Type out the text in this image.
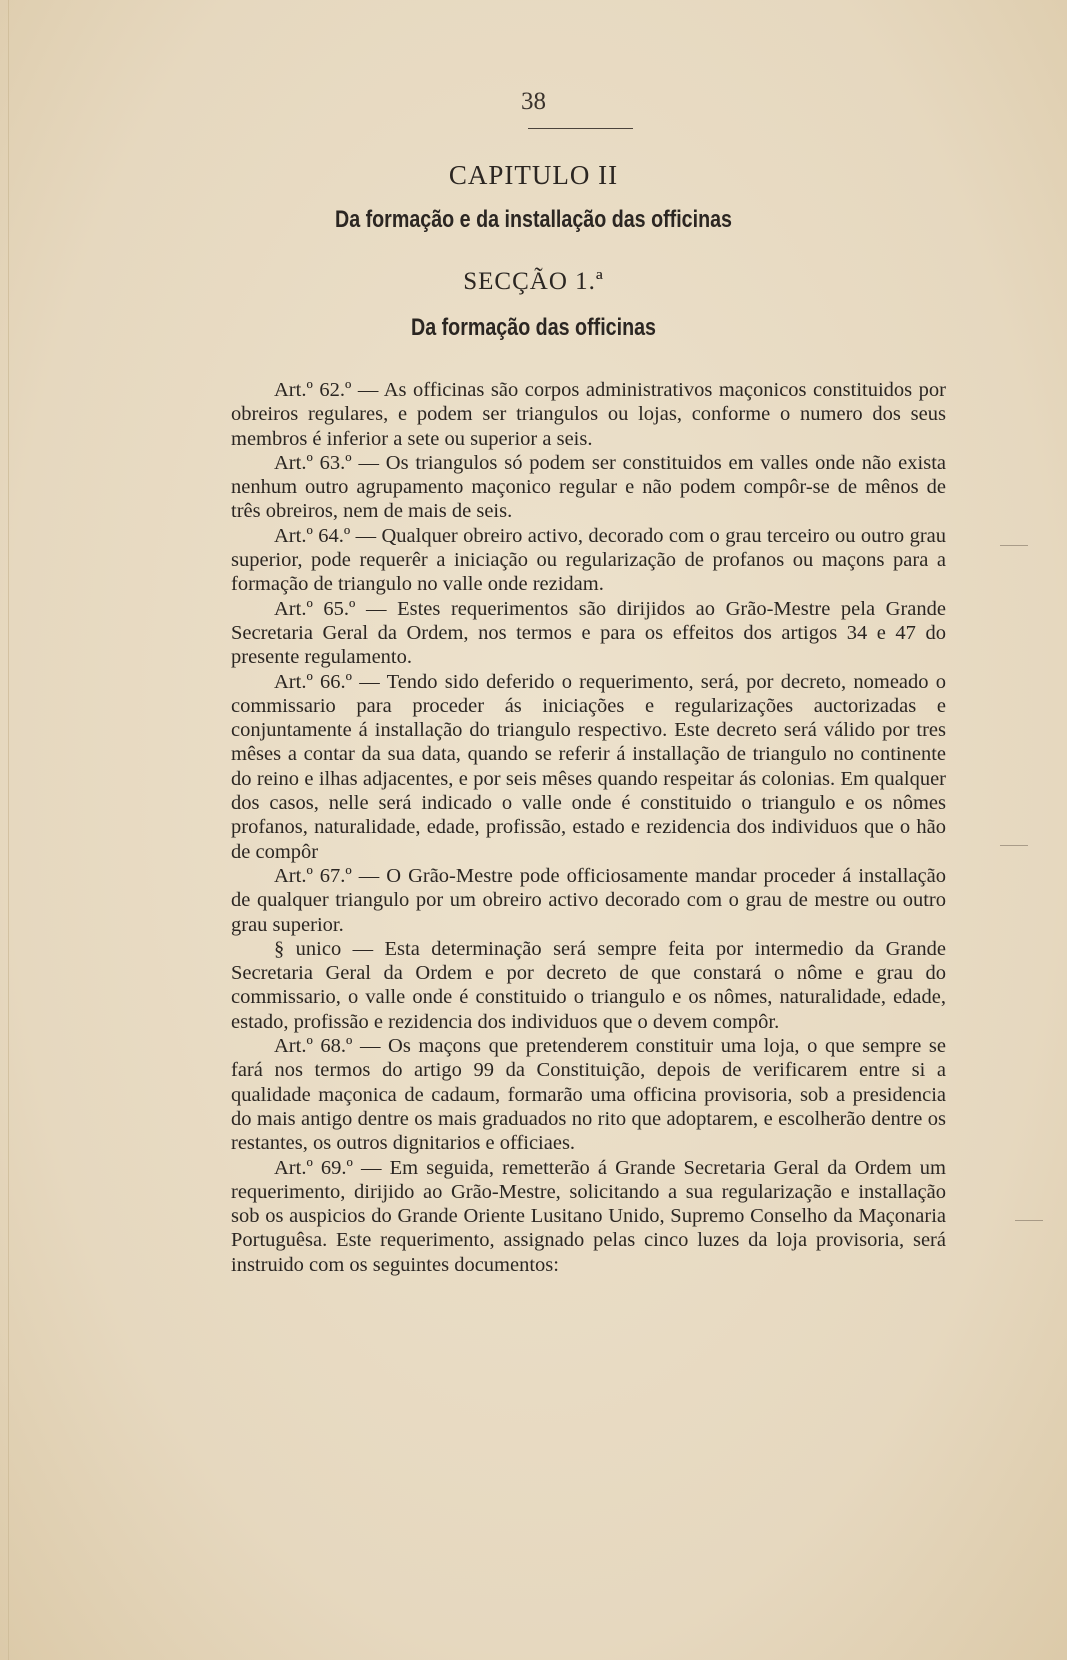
38
CAPITULO II
Da formação e da installação das officinas
SECÇÃO 1.ª
Da formação das officinas

Art.º 62.º — As officinas são corpos administrativos maçonicos constituidos por obreiros regulares, e podem ser triangulos ou lojas, conforme o numero dos seus membros é inferior a sete ou superior a seis.

Art.º 63.º — Os triangulos só podem ser constituidos em valles onde não exista nenhum outro agrupamento maçonico regular e não podem compôr-se de mênos de três obreiros, nem de mais de seis.

Art.º 64.º — Qualquer obreiro activo, decorado com o grau terceiro ou outro grau superior, pode requerêr a iniciação ou regularização de profanos ou maçons para a formação de triangulo no valle onde rezidam.

Art.º 65.º — Estes requerimentos são dirijidos ao Grão-Mestre pela Grande Secretaria Geral da Ordem, nos termos e para os effeitos dos artigos 34 e 47 do presente regulamento.

Art.º 66.º — Tendo sido deferido o requerimento, será, por decreto, nomeado o commissario para proceder ás iniciações e regularizações auctorizadas e conjuntamente á installação do triangulo respectivo. Este decreto será válido por tres mêses a contar da sua data, quando se referir á installação de triangulo no continente do reino e ilhas adjacentes, e por seis mêses quando respeitar ás colonias. Em qualquer dos casos, nelle será indicado o valle onde é constituido o triangulo e os nômes profanos, naturalidade, edade, profissão, estado e rezidencia dos individuos que o hão de compôr

Art.º 67.º — O Grão-Mestre pode officiosamente mandar proceder á installação de qualquer triangulo por um obreiro activo decorado com o grau de mestre ou outro grau superior.

§ unico — Esta determinação será sempre feita por intermedio da Grande Secretaria Geral da Ordem e por decreto de que constará o nôme e grau do commissario, o valle onde é constituido o triangulo e os nômes, naturalidade, edade, estado, profissão e rezidencia dos individuos que o devem compôr.

Art.º 68.º — Os maçons que pretenderem constituir uma loja, o que sempre se fará nos termos do artigo 99 da Constituição, depois de verificarem entre si a qualidade maçonica de cadaum, formarão uma officina provisoria, sob a presidencia do mais antigo dentre os mais graduados no rito que adoptarem, e escolherão dentre os restantes, os outros dignitarios e officiaes.

Art.º 69.º — Em seguida, remetterão á Grande Secretaria Geral da Ordem um requerimento, dirijido ao Grão-Mestre, solicitando a sua regularização e installação sob os auspicios do Grande Oriente Lusitano Unido, Supremo Conselho da Maçonaria Portuguêsa. Este requerimento, assignado pelas cinco luzes da loja provisoria, será instruido com os seguintes documentos:
